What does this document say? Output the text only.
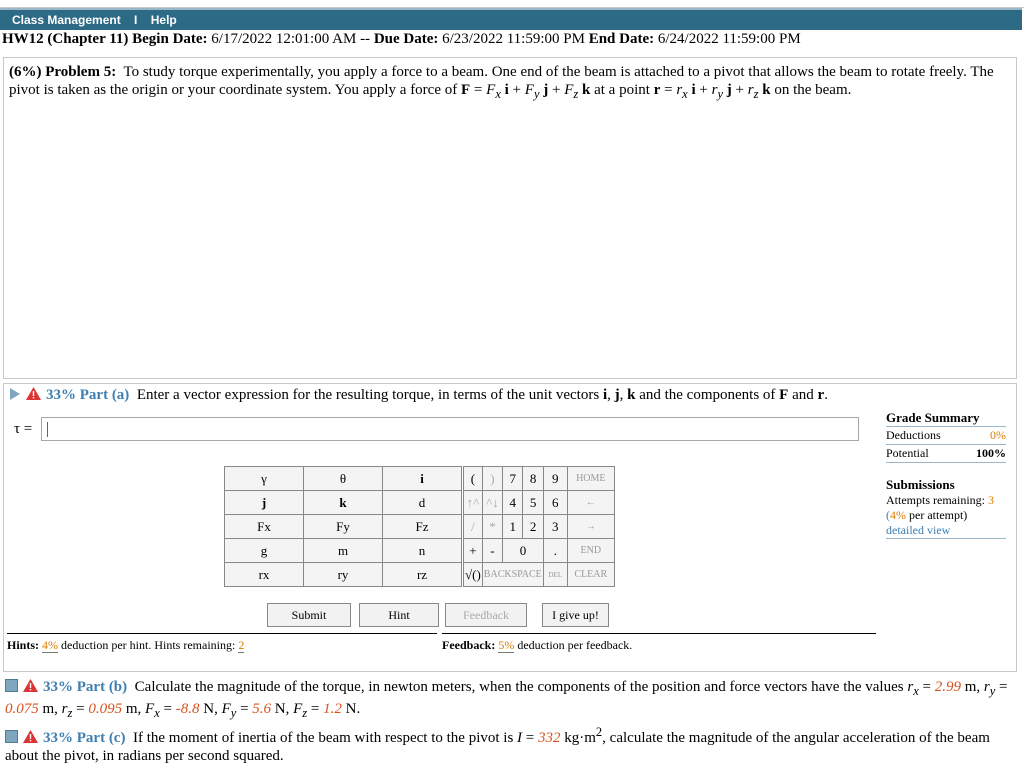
Class Management I Help
HW12 (Chapter 11) Begin Date: 6/17/2022 12:01:00 AM -- Due Date: 6/23/2022 11:59:00 PM End Date: 6/24/2022 11:59:00 PM
(6%) Problem 5: To study torque experimentally, you apply a force to a beam. One end of the beam is attached to a pivot that allows the beam to rotate freely. The pivot is taken as the origin or your coordinate system. You apply a force of $F = F_x$ $i + F_y$ $j + F_z$ k at a point $r = r_x$ $i + r_y$ $j + r_z$ k on the beam.
33% Part (a) Enter a vector expression for the resulting torque, in terms of the unit vectors i, j, k and the components of F and r.
τ =
γ	θ	i
j	k	d
Fx	Fy	Fz
g	m	n
rx	ry	rz
(	)	7	8	9	HOME
↑^	^↓	4	5	6	←
/	*	1	2	3	→
+	-	0		.	END
√()	BACKSPACE			DEL	CLEAR
Submit	Hint	Feedback	I give up!
Grade Summary
Deductions	0%
Potential	100%
Submissions
Attempts remaining: 3
(4% per attempt)

detailed view
Hints: 4% deduction per hint. Hints remaining: 2	Feedback: 5% deduction per feedback.
33% Part (b) Calculate the magnitude of the torque, in newton meters, when the components of the position and force vectors have the values $r_x = 2.99$ m, $r_y = 0.075$ m, $r_z = 0.095$ m, $F_x = -8.8$ N, $F_y = 5.6$ N, $F_z = 1.2$ N.
33% Part (c) If the moment of inertia of the beam with respect to the pivot is I = 332 $kg\cdot m^2$, calculate the magnitude of the angular acceleration of the beam about the pivot, in radians per second squared.
